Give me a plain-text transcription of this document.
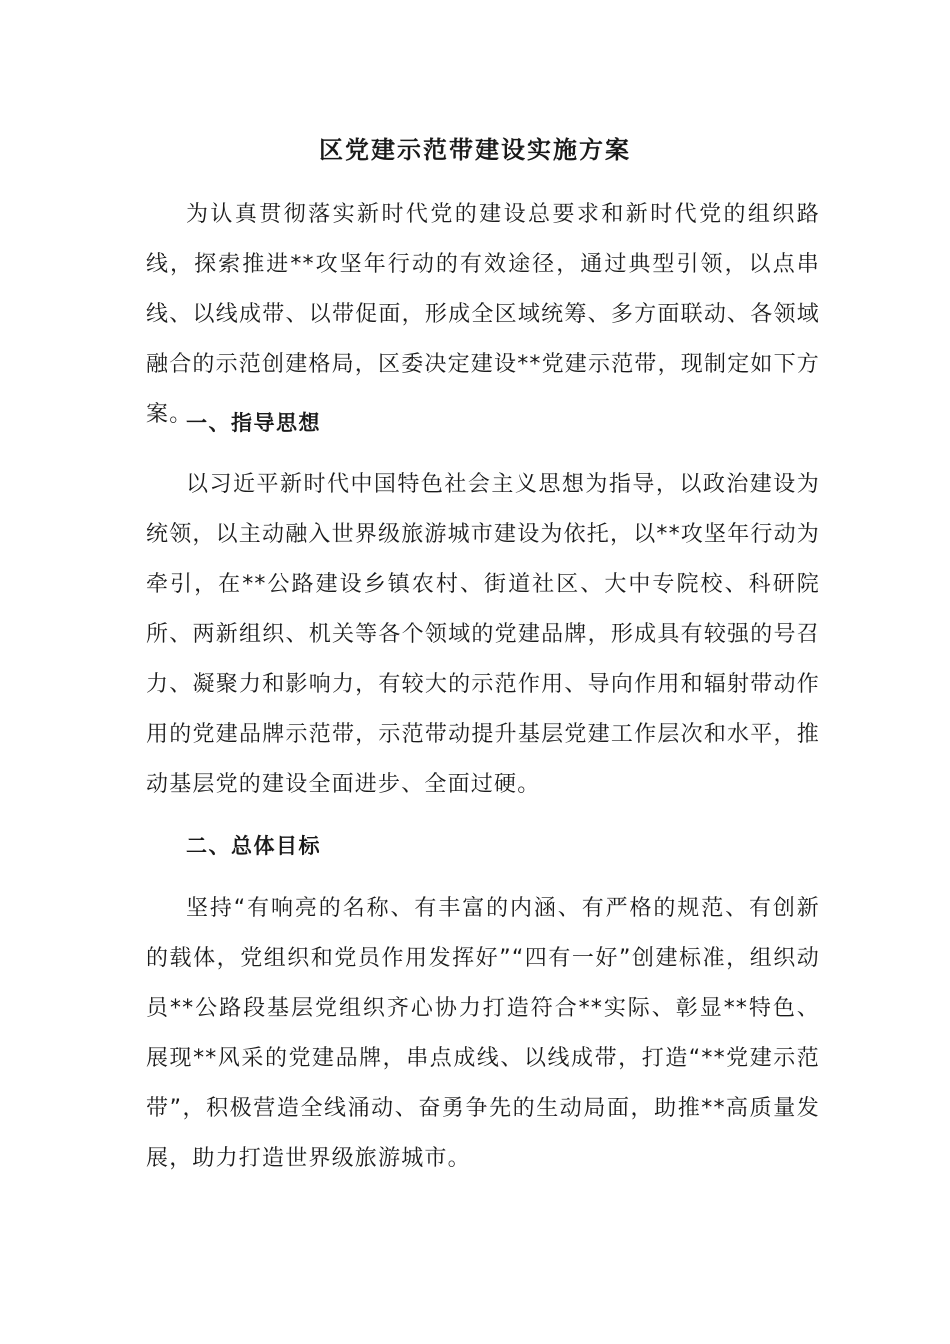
区党建示范带建设实施方案

为认真贯彻落实新时代党的建设总要求和新时代党的组织路线，探索推进**攻坚年行动的有效途径，通过典型引领，以点串线、以线成带、以带促面，形成全区域统筹、多方面联动、各领域融合的示范创建格局，区委决定建设**党建示范带，现制定如下方案。

一、指导思想

以习近平新时代中国特色社会主义思想为指导，以政治建设为统领，以主动融入世界级旅游城市建设为依托，以**攻坚年行动为牵引，在**公路建设乡镇农村、街道社区、大中专院校、科研院所、两新组织、机关等各个领域的党建品牌，形成具有较强的号召力、凝聚力和影响力，有较大的示范作用、导向作用和辐射带动作用的党建品牌示范带，示范带动提升基层党建工作层次和水平，推动基层党的建设全面进步、全面过硬。

二、总体目标

坚持“有响亮的名称、有丰富的内涵、有严格的规范、有创新的载体，党组织和党员作用发挥好”“四有一好”创建标准，组织动员**公路段基层党组织齐心协力打造符合**实际、彰显**特色、展现**风采的党建品牌，串点成线、以线成带，打造“**党建示范带”，积极营造全线涌动、奋勇争先的生动局面，助推**高质量发展，助力打造世界级旅游城市。
